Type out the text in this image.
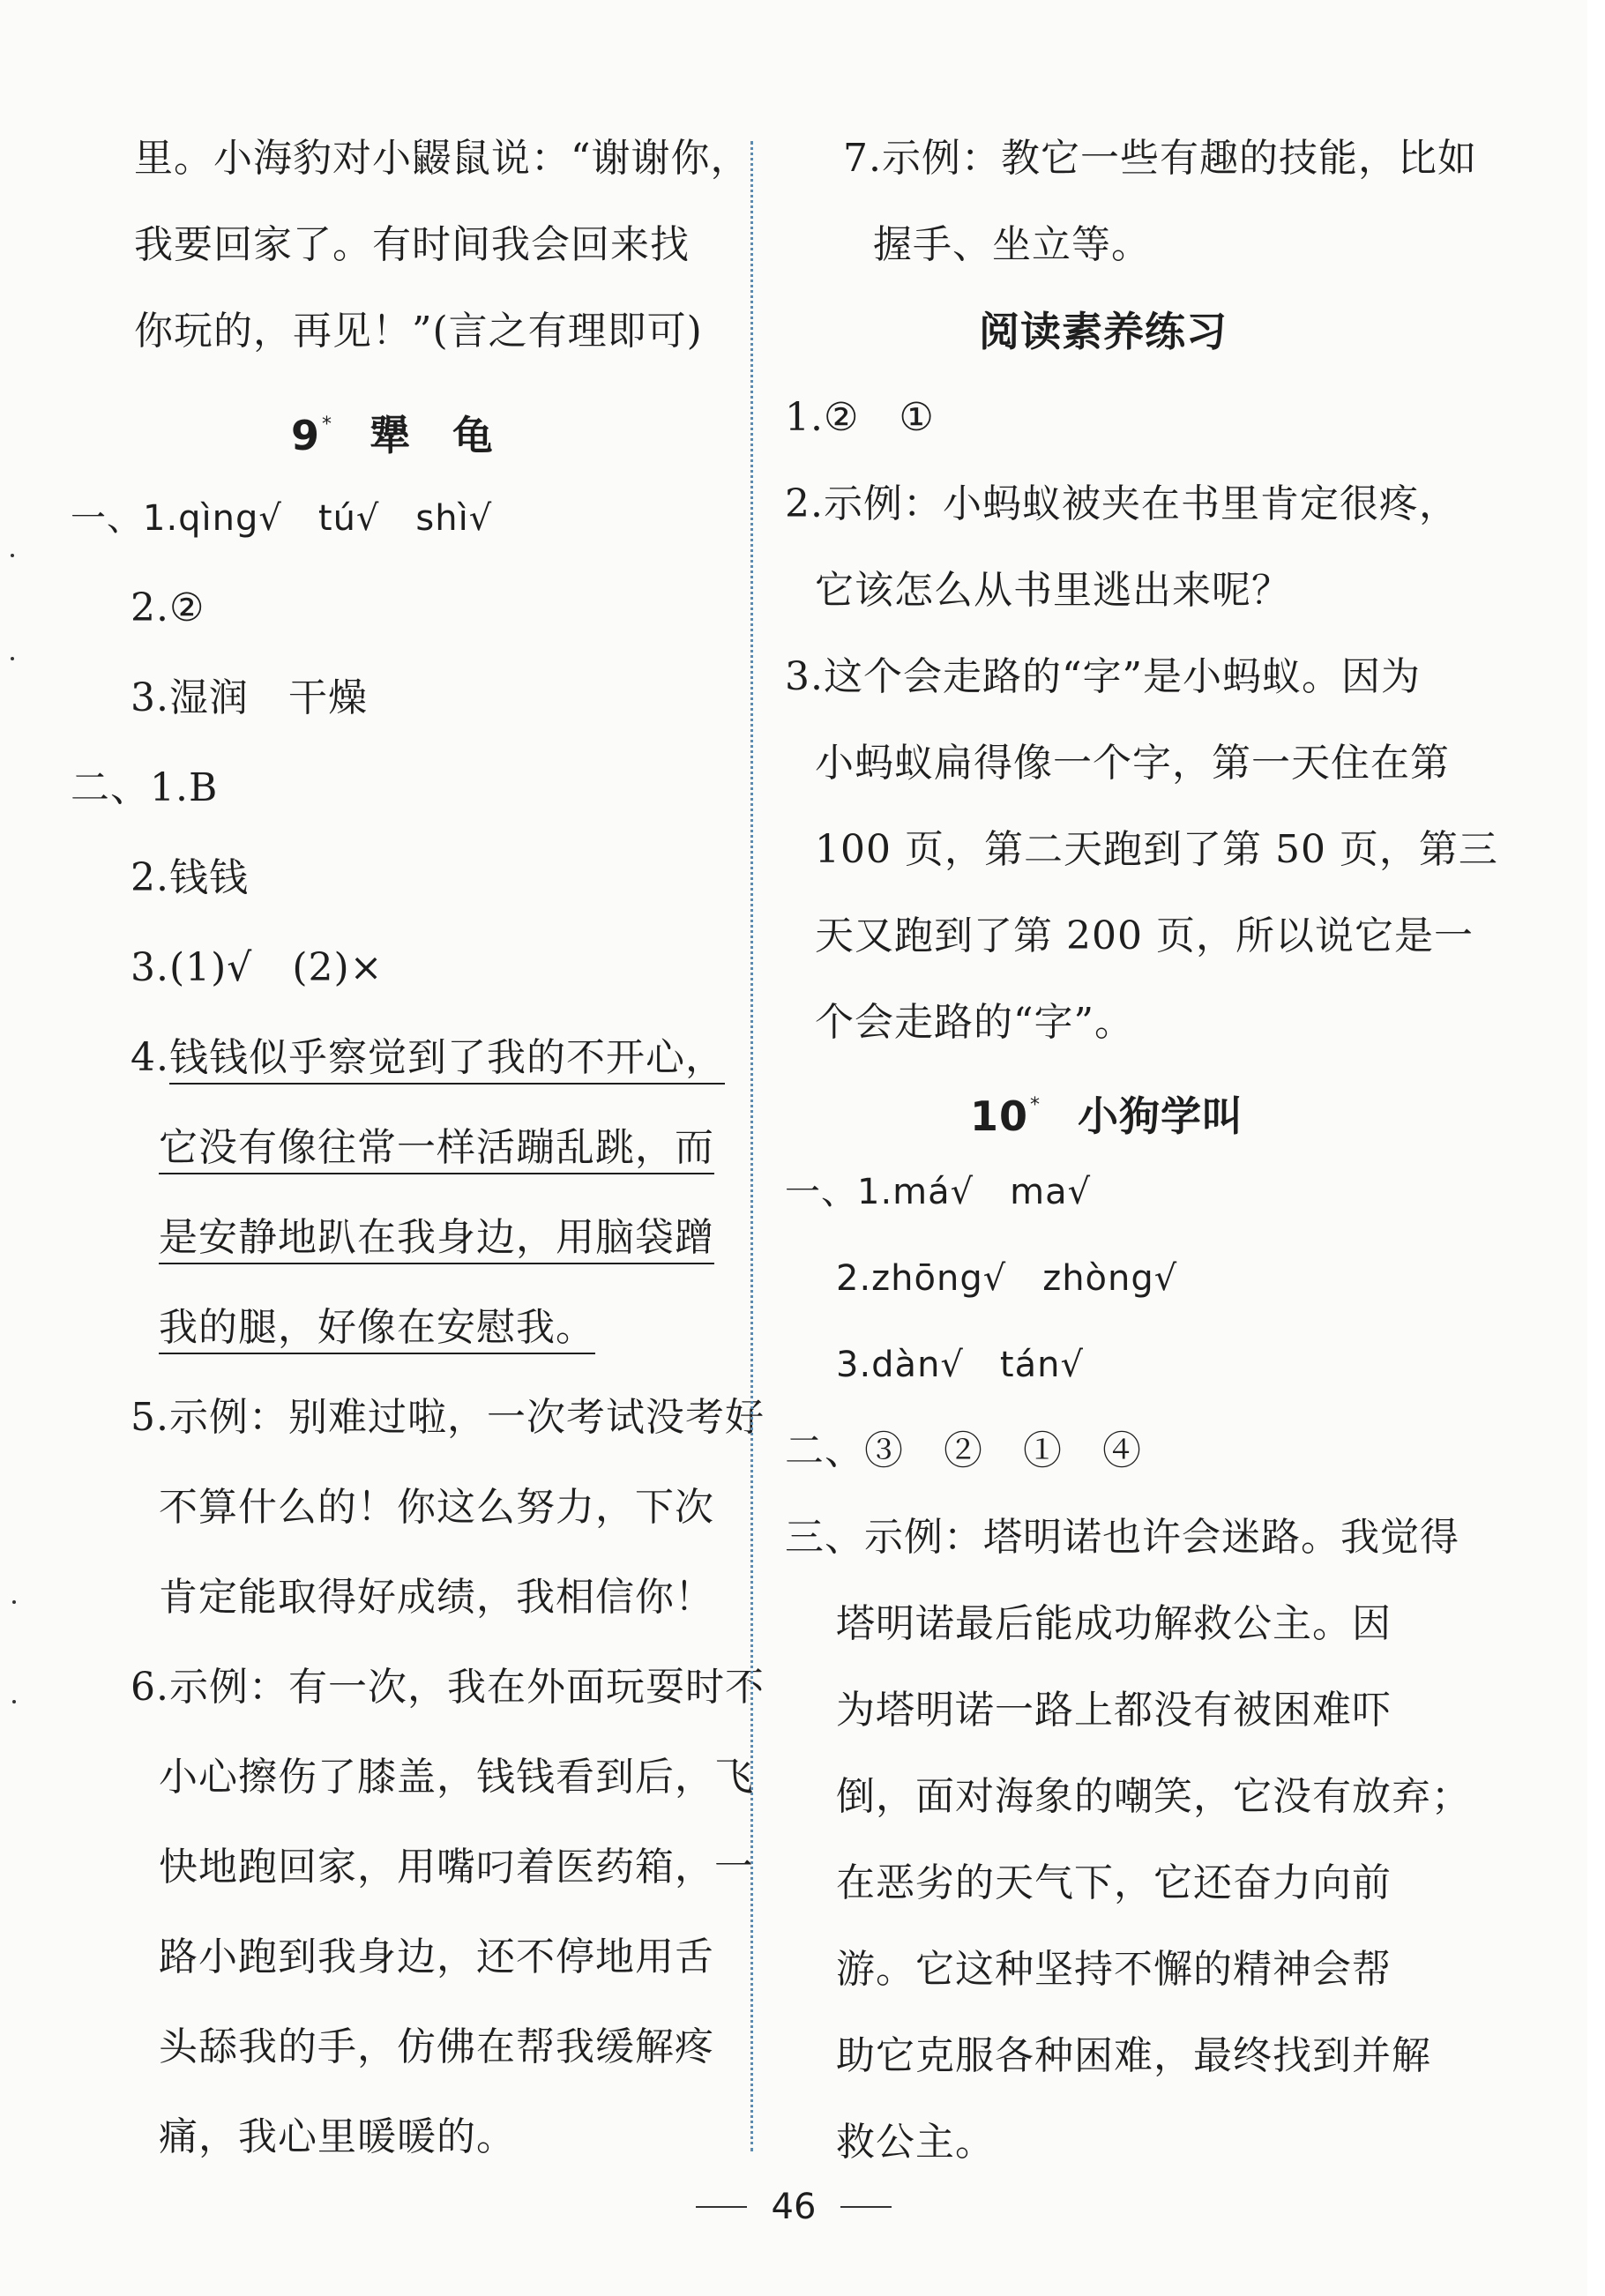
里。小海豹对小鼹鼠说：“谢谢你，
我要回家了。有时间我会回来找
你玩的，再见！”(言之有理即可)
9* 犟　龟
一、1.qìng√　tú√　shì√
2.②
3.湿润　干燥
二、1.B
2.钱钱
3.(1)√　(2)×
4.钱钱似乎察觉到了我的不开心，
它没有像往常一样活蹦乱跳，而
是安静地趴在我身边，用脑袋蹭
我的腿，好像在安慰我。
5.示例：别难过啦，一次考试没考好
不算什么的！你这么努力，下次
肯定能取得好成绩，我相信你！
6.示例：有一次，我在外面玩耍时不
小心擦伤了膝盖，钱钱看到后，飞
快地跑回家，用嘴叼着医药箱，一
路小跑到我身边，还不停地用舌
头舔我的手，仿佛在帮我缓解疼
痛，我心里暖暖的。
7.示例：教它一些有趣的技能，比如
握手、坐立等。
阅读素养练习
1.②　①
2.示例：小蚂蚁被夹在书里肯定很疼，
它该怎么从书里逃出来呢？
3.这个会走路的“字”是小蚂蚁。因为
小蚂蚁扁得像一个字，第一天住在第
100 页，第二天跑到了第 50 页，第三
天又跑到了第 200 页，所以说它是一
个会走路的“字”。
10* 小狗学叫
一、1.má√　ma√
2.zhōng√　zhòng√
3.dàn√　tán√
二、③　②　①　④
三、示例：塔明诺也许会迷路。我觉得
塔明诺最后能成功解救公主。因
为塔明诺一路上都没有被困难吓
倒，面对海象的嘲笑，它没有放弃；
在恶劣的天气下，它还奋力向前
游。它这种坚持不懈的精神会帮
助它克服各种困难，最终找到并解
救公主。
46
